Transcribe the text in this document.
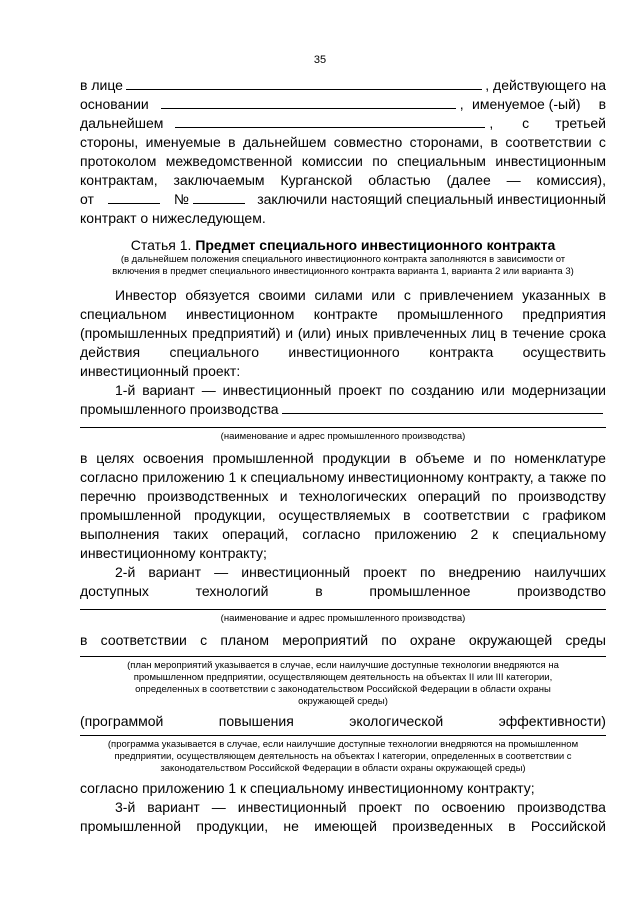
35
в лице	, действующего на
основании	, именуемое (-ый) в
дальнейшем	, с третьей
стороны, именуемые в дальнейшем совместно сторонами, в соответствии с
протоколом межведомственной комиссии по специальным инвестиционным
контрактам, заключаемым Курганской областью (далее — комиссия),
от	№	заключили настоящий специальный инвестиционный
контракт о нижеследующем.
Статья 1. Предмет специального инвестиционного контракта
(в дальнейшем положения специального инвестиционного контракта заполняются в зависимости от
включения в предмет специального инвестиционного контракта варианта 1, варианта 2 или варианта 3)
Инвестор обязуется своими силами или с привлечением указанных в
специальном инвестиционном контракте промышленного предприятия
(промышленных предприятий) и (или) иных привлеченных лиц в течение срока
действия специального инвестиционного контракта осуществить
инвестиционный проект:
1-й вариант — инвестиционный проект по созданию или модернизации
промышленного производства
(наименование и адрес промышленного производства)
в целях освоения промышленной продукции в объеме и по номенклатуре
согласно приложению 1 к специальному инвестиционному контракту, а также по
перечню производственных и технологических операций по производству
промышленной продукции, осуществляемых в соответствии с графиком
выполнения таких операций, согласно приложению 2 к специальному
инвестиционному контракту;
2-й вариант — инвестиционный проект по внедрению наилучших
доступных	технологий	в	промышленное	производство
(наименование и адрес промышленного производства)
в соответствии с планом мероприятий по охране окружающей среды
(план мероприятий указывается в случае, если наилучшие доступные технологии внедряются на
промышленном предприятии, осуществляющем деятельность на объектах II или III категории,
определенных в соответствии с законодательством Российской Федерации в области охраны
окружающей среды)
(программой	повышения	экологической	эффективности)
(программа указывается в случае, если наилучшие доступные технологии внедряются на промышленном
предприятии, осуществляющем деятельность на объектах I категории, определенных в соответствии с
законодательством Российской Федерации в области охраны окружающей среды)
согласно приложению 1 к специальному инвестиционному контракту;
3-й вариант — инвестиционный проект по освоению производства
промышленной продукции, не имеющей произведенных в Российской
